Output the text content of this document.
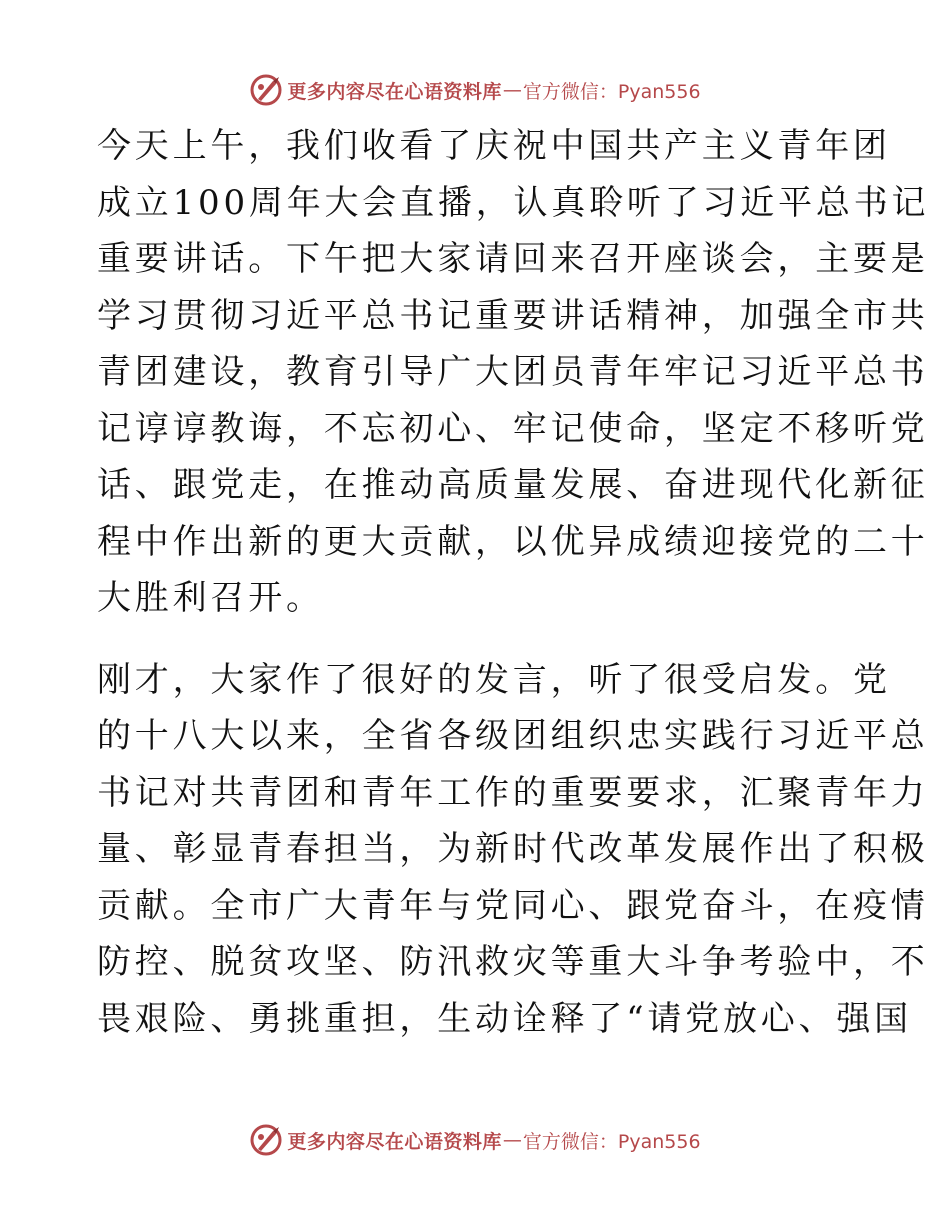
更多内容尽在心语资料库 — 官方微信：Pyan556
今天上午，我们收看了庆祝中国共产主义青年团
成立100周年大会直播，认真聆听了习近平总书记
重要讲话。下午把大家请回来召开座谈会，主要是
学习贯彻习近平总书记重要讲话精神，加强全市共
青团建设，教育引导广大团员青年牢记习近平总书
记谆谆教诲，不忘初心、牢记使命，坚定不移听党
话、跟党走，在推动高质量发展、奋进现代化新征
程中作出新的更大贡献，以优异成绩迎接党的二十
大胜利召开。
刚才，大家作了很好的发言，听了很受启发。党
的十八大以来，全省各级团组织忠实践行习近平总
书记对共青团和青年工作的重要要求，汇聚青年力
量、彰显青春担当，为新时代改革发展作出了积极
贡献。全市广大青年与党同心、跟党奋斗，在疫情
防控、脱贫攻坚、防汛救灾等重大斗争考验中，不
畏艰险、勇挑重担，生动诠释了“请党放心、强国
更多内容尽在心语资料库 — 官方微信：Pyan556
